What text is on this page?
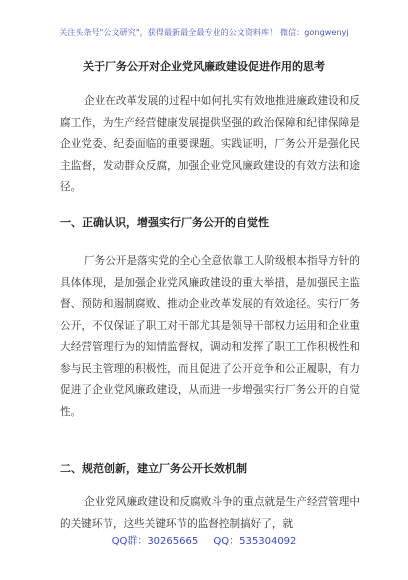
关注头条号"公文研究"，获得最新最全最专业的公文资料库！ 微信：gongwenyj
关于厂务公开对企业党风廉政建设促进作用的思考
企业在改革发展的过程中如何扎实有效地推进廉政建设和反腐工作，为生产经营健康发展提供坚强的政治保障和纪律保障是企业党委、纪委面临的重要课题。实践证明，厂务公开是强化民主监督，发动群众反腐，加强企业党风廉政建设的有效方法和途径。
一、正确认识，增强实行厂务公开的自觉性
厂务公开是落实党的全心全意依靠工人阶级根本指导方针的具体体现，是加强企业党风廉政建设的重大举措，是加强民主监督、预防和遏制腐败、推动企业改革发展的有效途径。实行厂务公开，不仅保证了职工对干部尤其是领导干部权力运用和企业重大经营管理行为的知情监督权，调动和发挥了职工工作积极性和参与民主管理的积极性，而且促进了公开竞争和公正履职，有力促进了企业党风廉政建设，从而进一步增强实行厂务公开的自觉性。
二、规范创新，建立厂务公开长效机制
企业党风廉政建设和反腐败斗争的重点就是生产经营管理中的关键环节，这些关键环节的监督控制搞好了，就
QQ群：30265665 QQ：535304092
